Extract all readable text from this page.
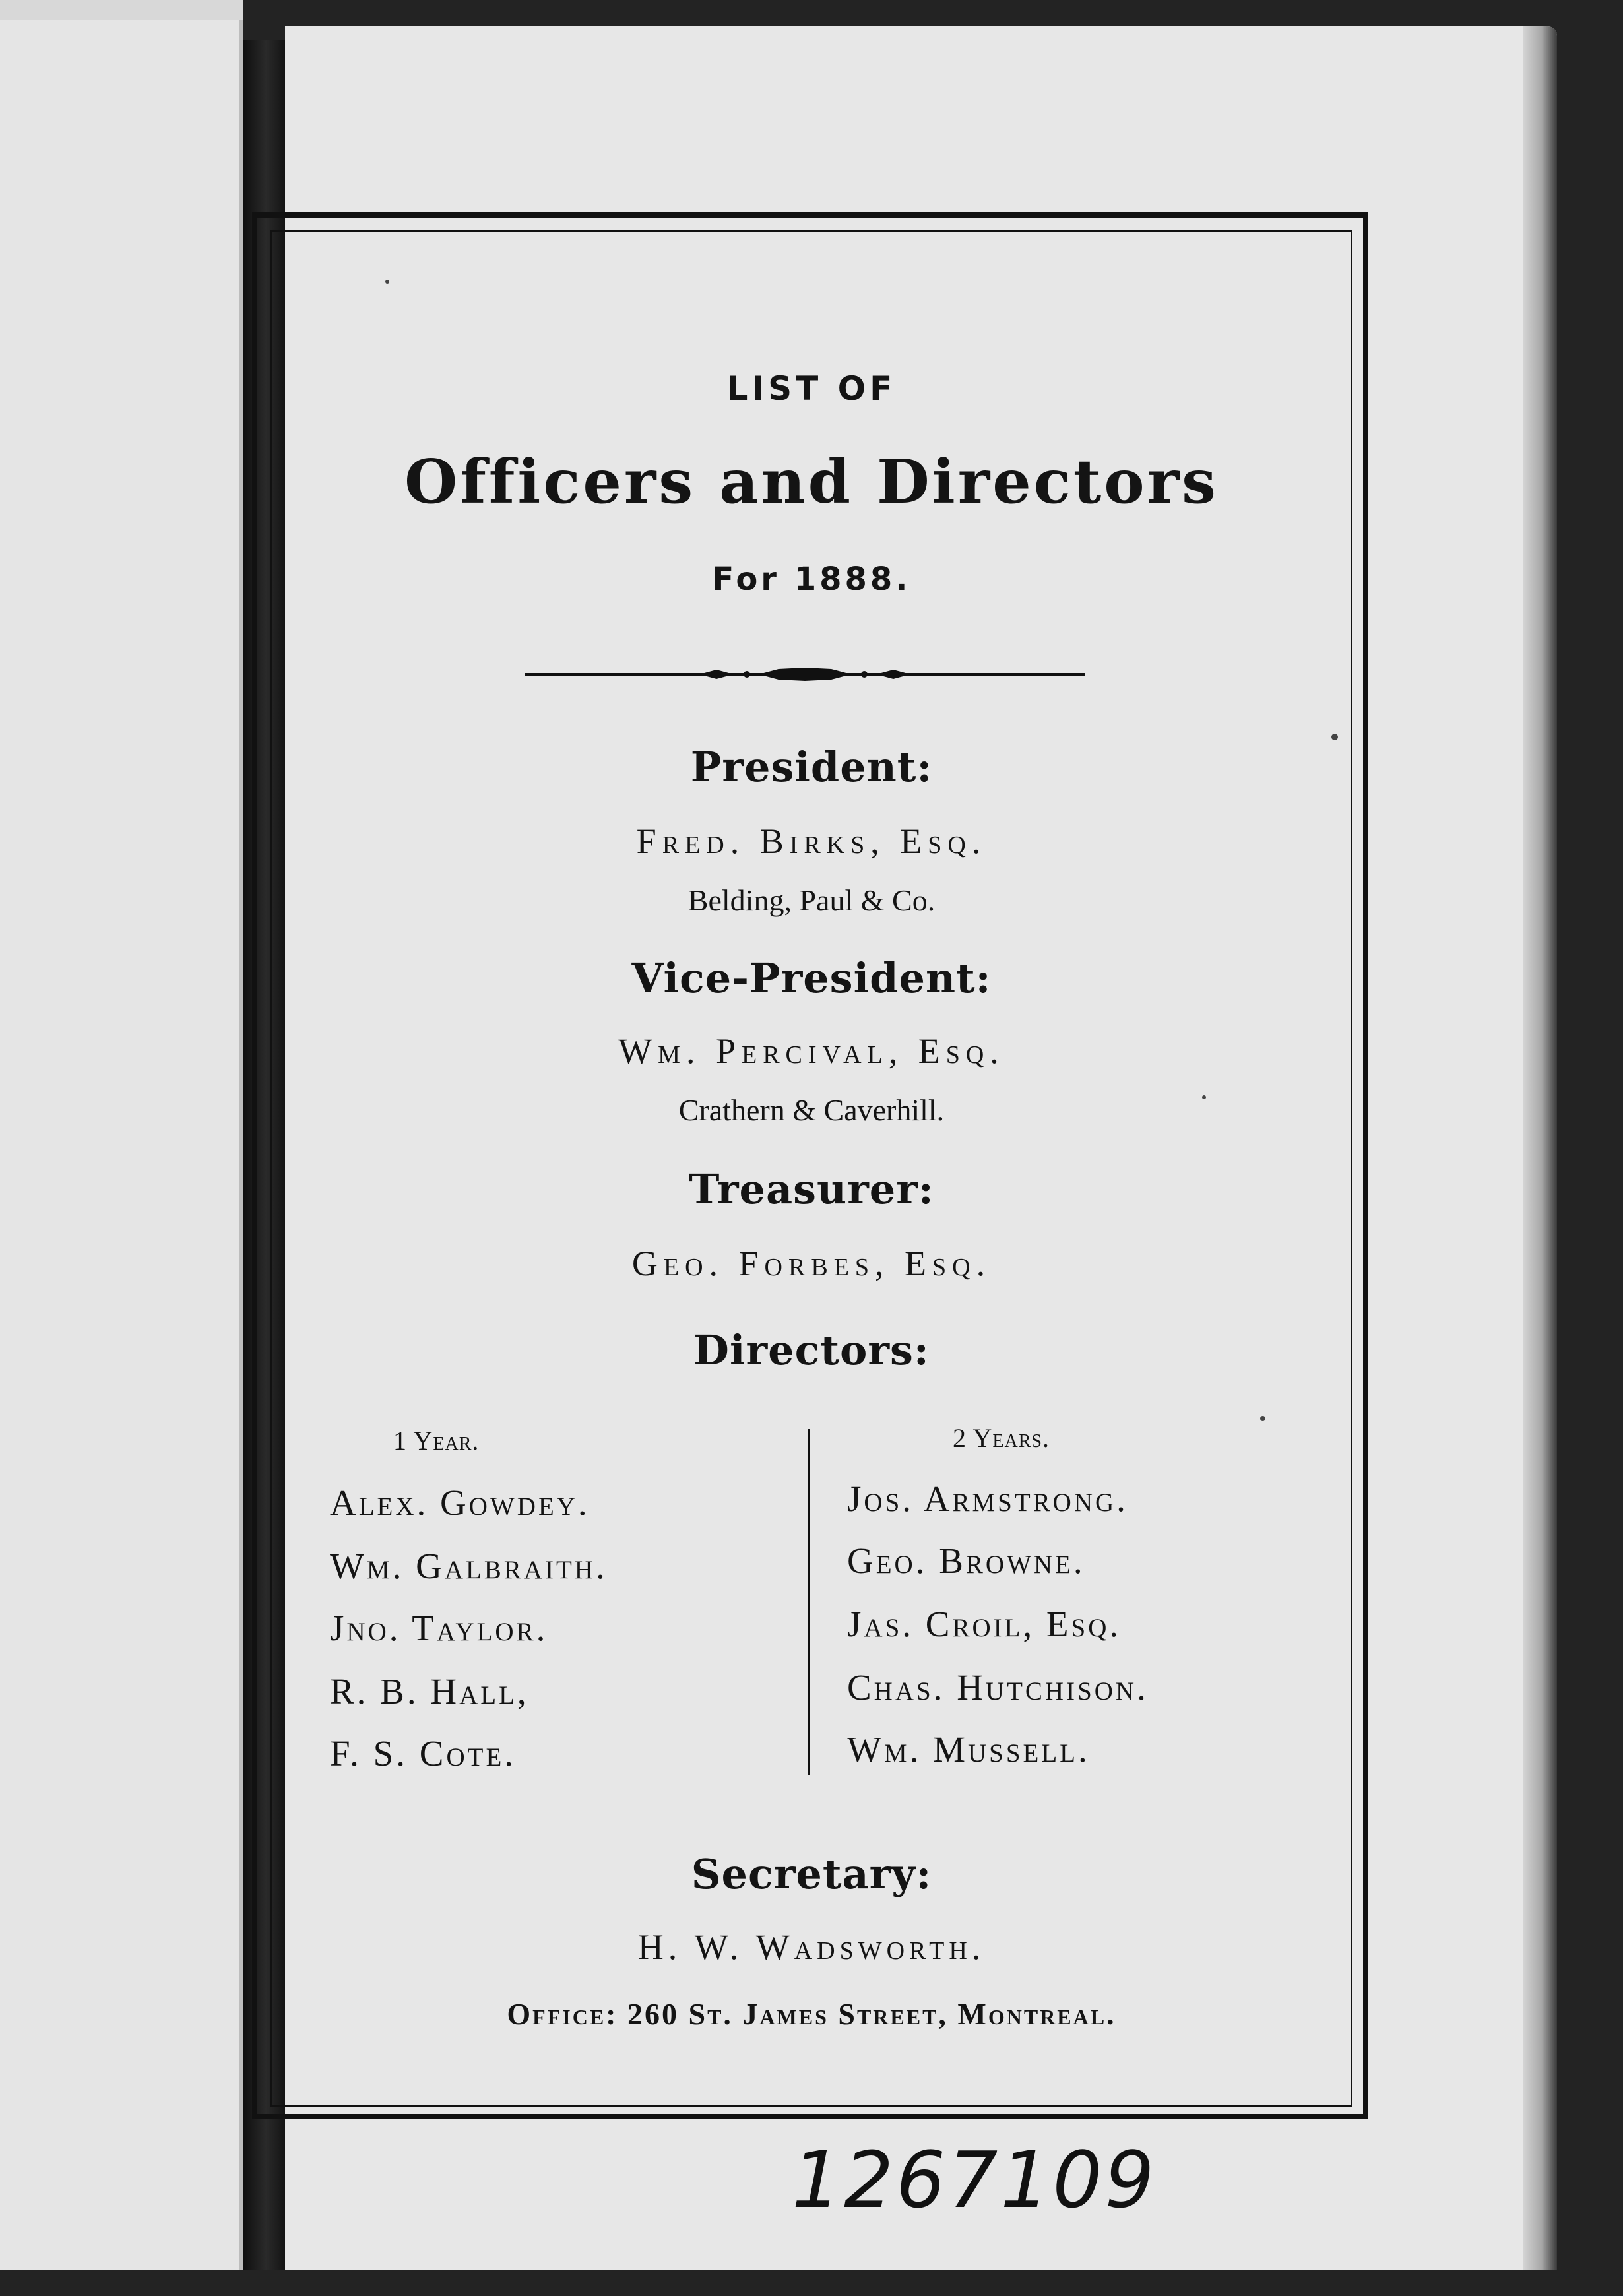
LIST OF
Officers and Directors
For 1888.
President:
Fred. Birks, Esq.
Belding, Paul & Co.
Vice-President:
Wm. Percival, Esq.
Crathern & Caverhill.
Treasurer:
Geo. Forbes, Esq.
Directors:
1 Year.
Alex. Gowdey.
Wm. Galbraith.
Jno. Taylor.
R. B. Hall,
F. S. Cote.
2 Years.
Jos. Armstrong.
Geo. Browne.
Jas. Croil, Esq.
Chas. Hutchison.
Wm. Mussell.
Secretary:
H. W. Wadsworth.
Office: 260 St. James Street, Montreal.
1267109
